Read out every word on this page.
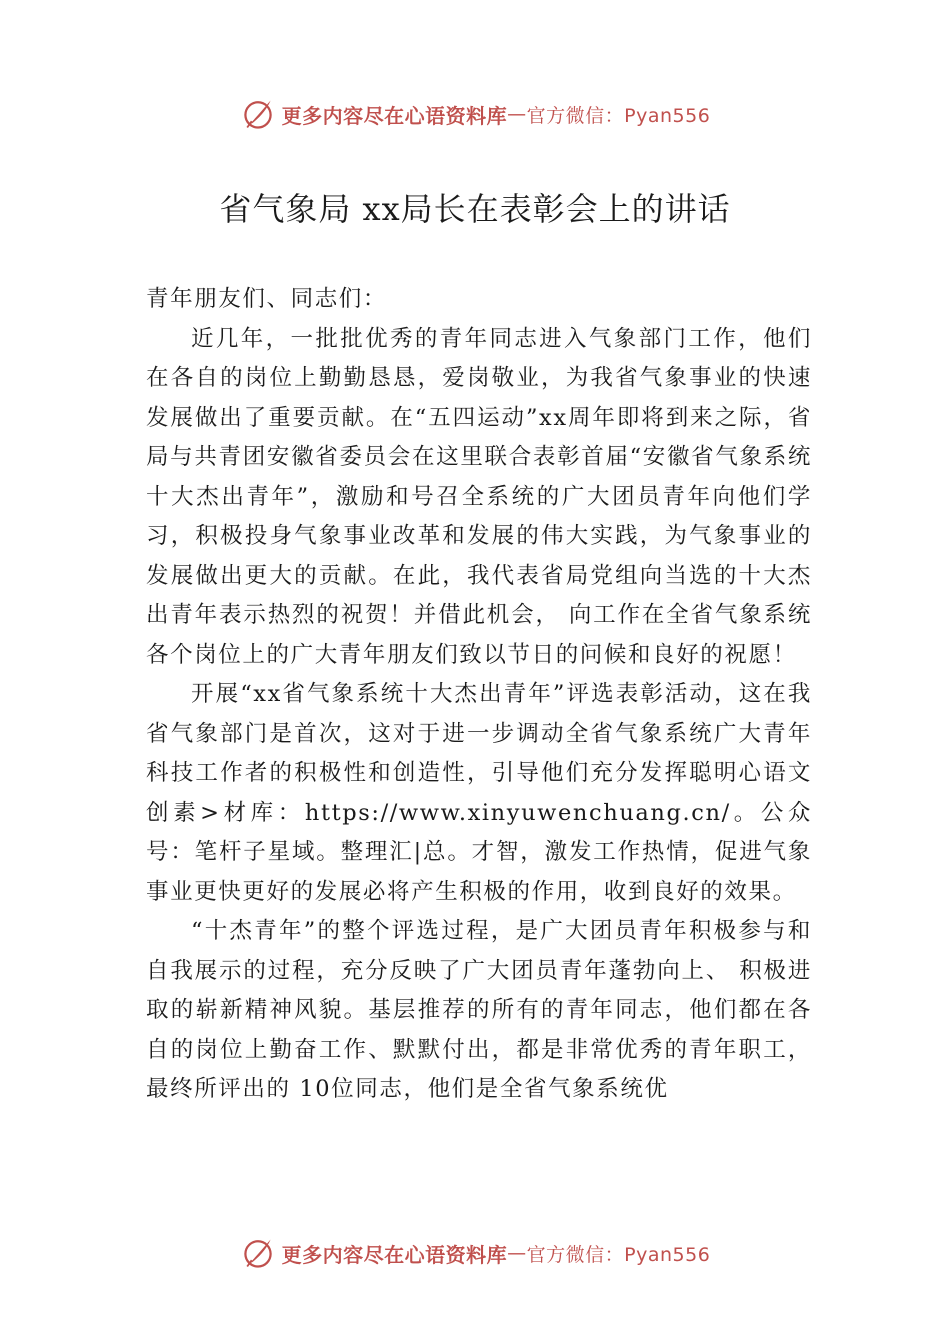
更多内容尽在心语资料库 — 官方微信：Pyan556
省气象局 xx局长在表彰会上的讲话

青年朋友们、同志们：

近几年，一批批优秀的青年同志进入气象部门工作，他们在各自的岗位上勤勤恳恳，爱岗敬业，为我省气象事业的快速发展做出了重要贡献。在“五四运动”xx周年即将到来之际，省局与共青团安徽省委员会在这里联合表彰首届“安徽省气象系统十大杰出青年”，激励和号召全系统的广大团员青年向他们学习，积极投身气象事业改革和发展的伟大实践，为气象事业的发展做出更大的贡献。在此，我代表省局党组向当选的十大杰出青年表示热烈的祝贺！并借此机会， 向工作在全省气象系统各个岗位上的广大青年朋友们致以节日的问候和良好的祝愿！

开展“xx省气象系统十大杰出青年”评选表彰活动，这在我省气象部门是首次，这对于进一步调动全省气象系统广大青年科技工作者的积极性和创造性，引导他们充分发挥聪明心语文创素>材库：https://www.xinyuwenchuang.cn/。公众号：笔杆子星域。整理汇|总。才智，激发工作热情，促进气象事业更快更好的发展必将产生积极的作用，收到良好的效果。

“十杰青年”的整个评选过程，是广大团员青年积极参与和自我展示的过程，充分反映了广大团员青年蓬勃向上、 积极进取的崭新精神风貌。基层推荐的所有的青年同志，他们都在各自的岗位上勤奋工作、默默付出，都是非常优秀的青年职工，最终所评出的 10位同志，他们是全省气象系统优

更多内容尽在心语资料库 — 官方微信：Pyan556
